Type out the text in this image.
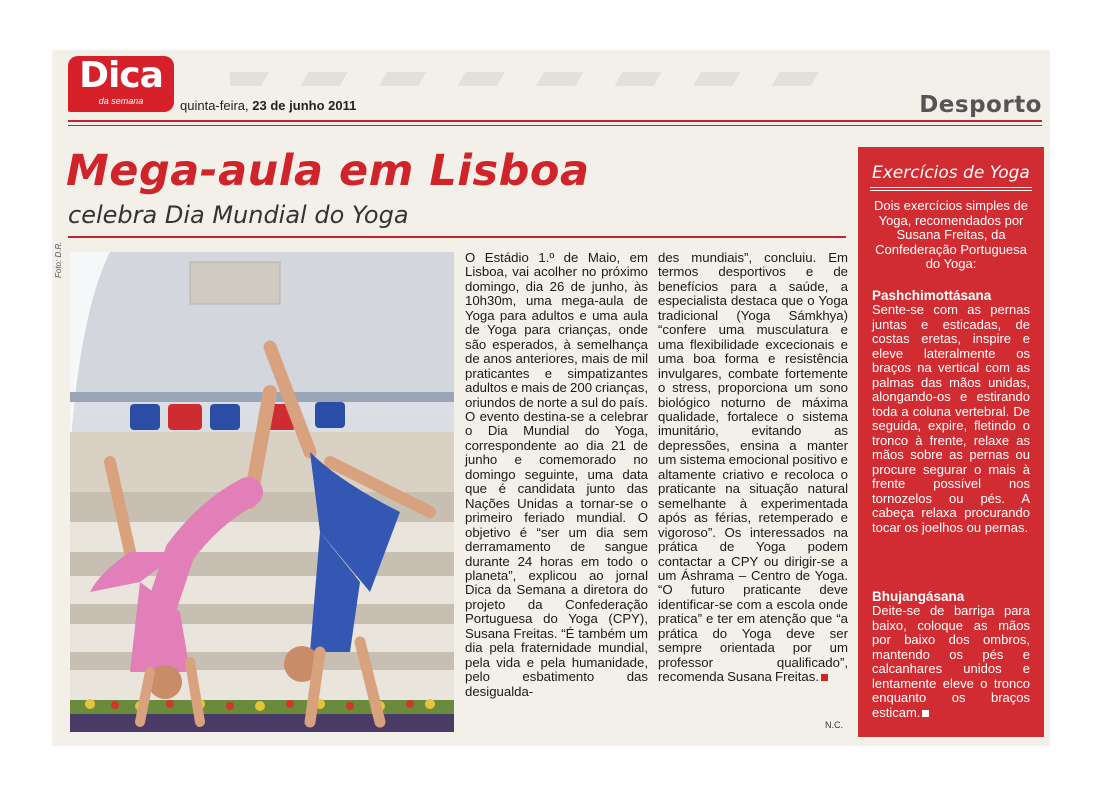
Dica
da semana	quinta-feira, 23 de junho 2011	Desporto
Mega-aula em Lisboa
celebra Dia Mundial do Yoga
Foto: D.R.	O Estádio 1.º de Maio, em Lisboa, vai acolher no próximo domingo, dia 26 de junho, às 10h30m, uma mega-aula de Yoga para adultos e uma aula de Yoga para crianças, onde são esperados, à semelhança de anos anteriores, mais de mil praticantes e simpatizantes adultos e mais de 200 crianças, oriundos de norte a sul do país. O evento destina-se a celebrar o Dia Mundial do Yoga, correspondente ao dia 21 de junho e comemorado no domingo seguinte, uma data que é candidata junto das Nações Unidas a tornar-se o primeiro feriado mundial. O objetivo é “ser um dia sem derramamento de sangue durante 24 horas em todo o planeta”, explicou ao jornal Dica da Semana a diretora do projeto da Confederação Portuguesa do Yoga (CPY), Susana Freitas. “É também um dia pela fraternidade mundial, pela vida e pela humanidade, pelo esbatimento das desigualda-

des mundiais”, concluiu. Em termos desportivos e de benefícios para a saúde, a especialista destaca que o Yoga tradicional (Yoga Sámkhya) “confere uma musculatura e uma flexibilidade excecionais e uma boa forma e resistência invulgares, combate fortemente o stress, proporciona um sono biológico noturno de máxima qualidade, fortalece o sistema imunitário, evitando as depressões, ensina a manter um sistema emocional positivo e altamente criativo e recoloca o praticante na situação natural semelhante à experimentada após as férias, retemperado e vigoroso”. Os interessados na prática de Yoga podem contactar a CPY ou dirigir-se a um Áshrama – Centro de Yoga. “O futuro praticante deve identificar-se com a escola onde pratica” e ter em atenção que “a prática do Yoga deve ser sempre orientada por um professor qualificado”, recomenda Susana Freitas.

N.C.
Exercícios de Yoga

Dois exercícios simples de Yoga, recomendados por Susana Freitas, da Confederação Portuguesa do Yoga:

Pashchimottásana

Sente-se com as pernas juntas e esticadas, de costas eretas, inspire e eleve lateralmente os braços na vertical com as palmas das mãos unidas, alongando-os e estirando toda a coluna vertebral. De seguida, expire, fletindo o tronco à frente, relaxe as mãos sobre as pernas ou procure segurar o mais à frente possível nos tornozelos ou pés. A cabeça relaxa procurando tocar os joelhos ou pernas.

Bhujangásana

Deite-se de barriga para baixo, coloque as mãos por baixo dos ombros, mantendo os pés e calcanhares unidos e lentamente eleve o tronco enquanto os braços esticam.
